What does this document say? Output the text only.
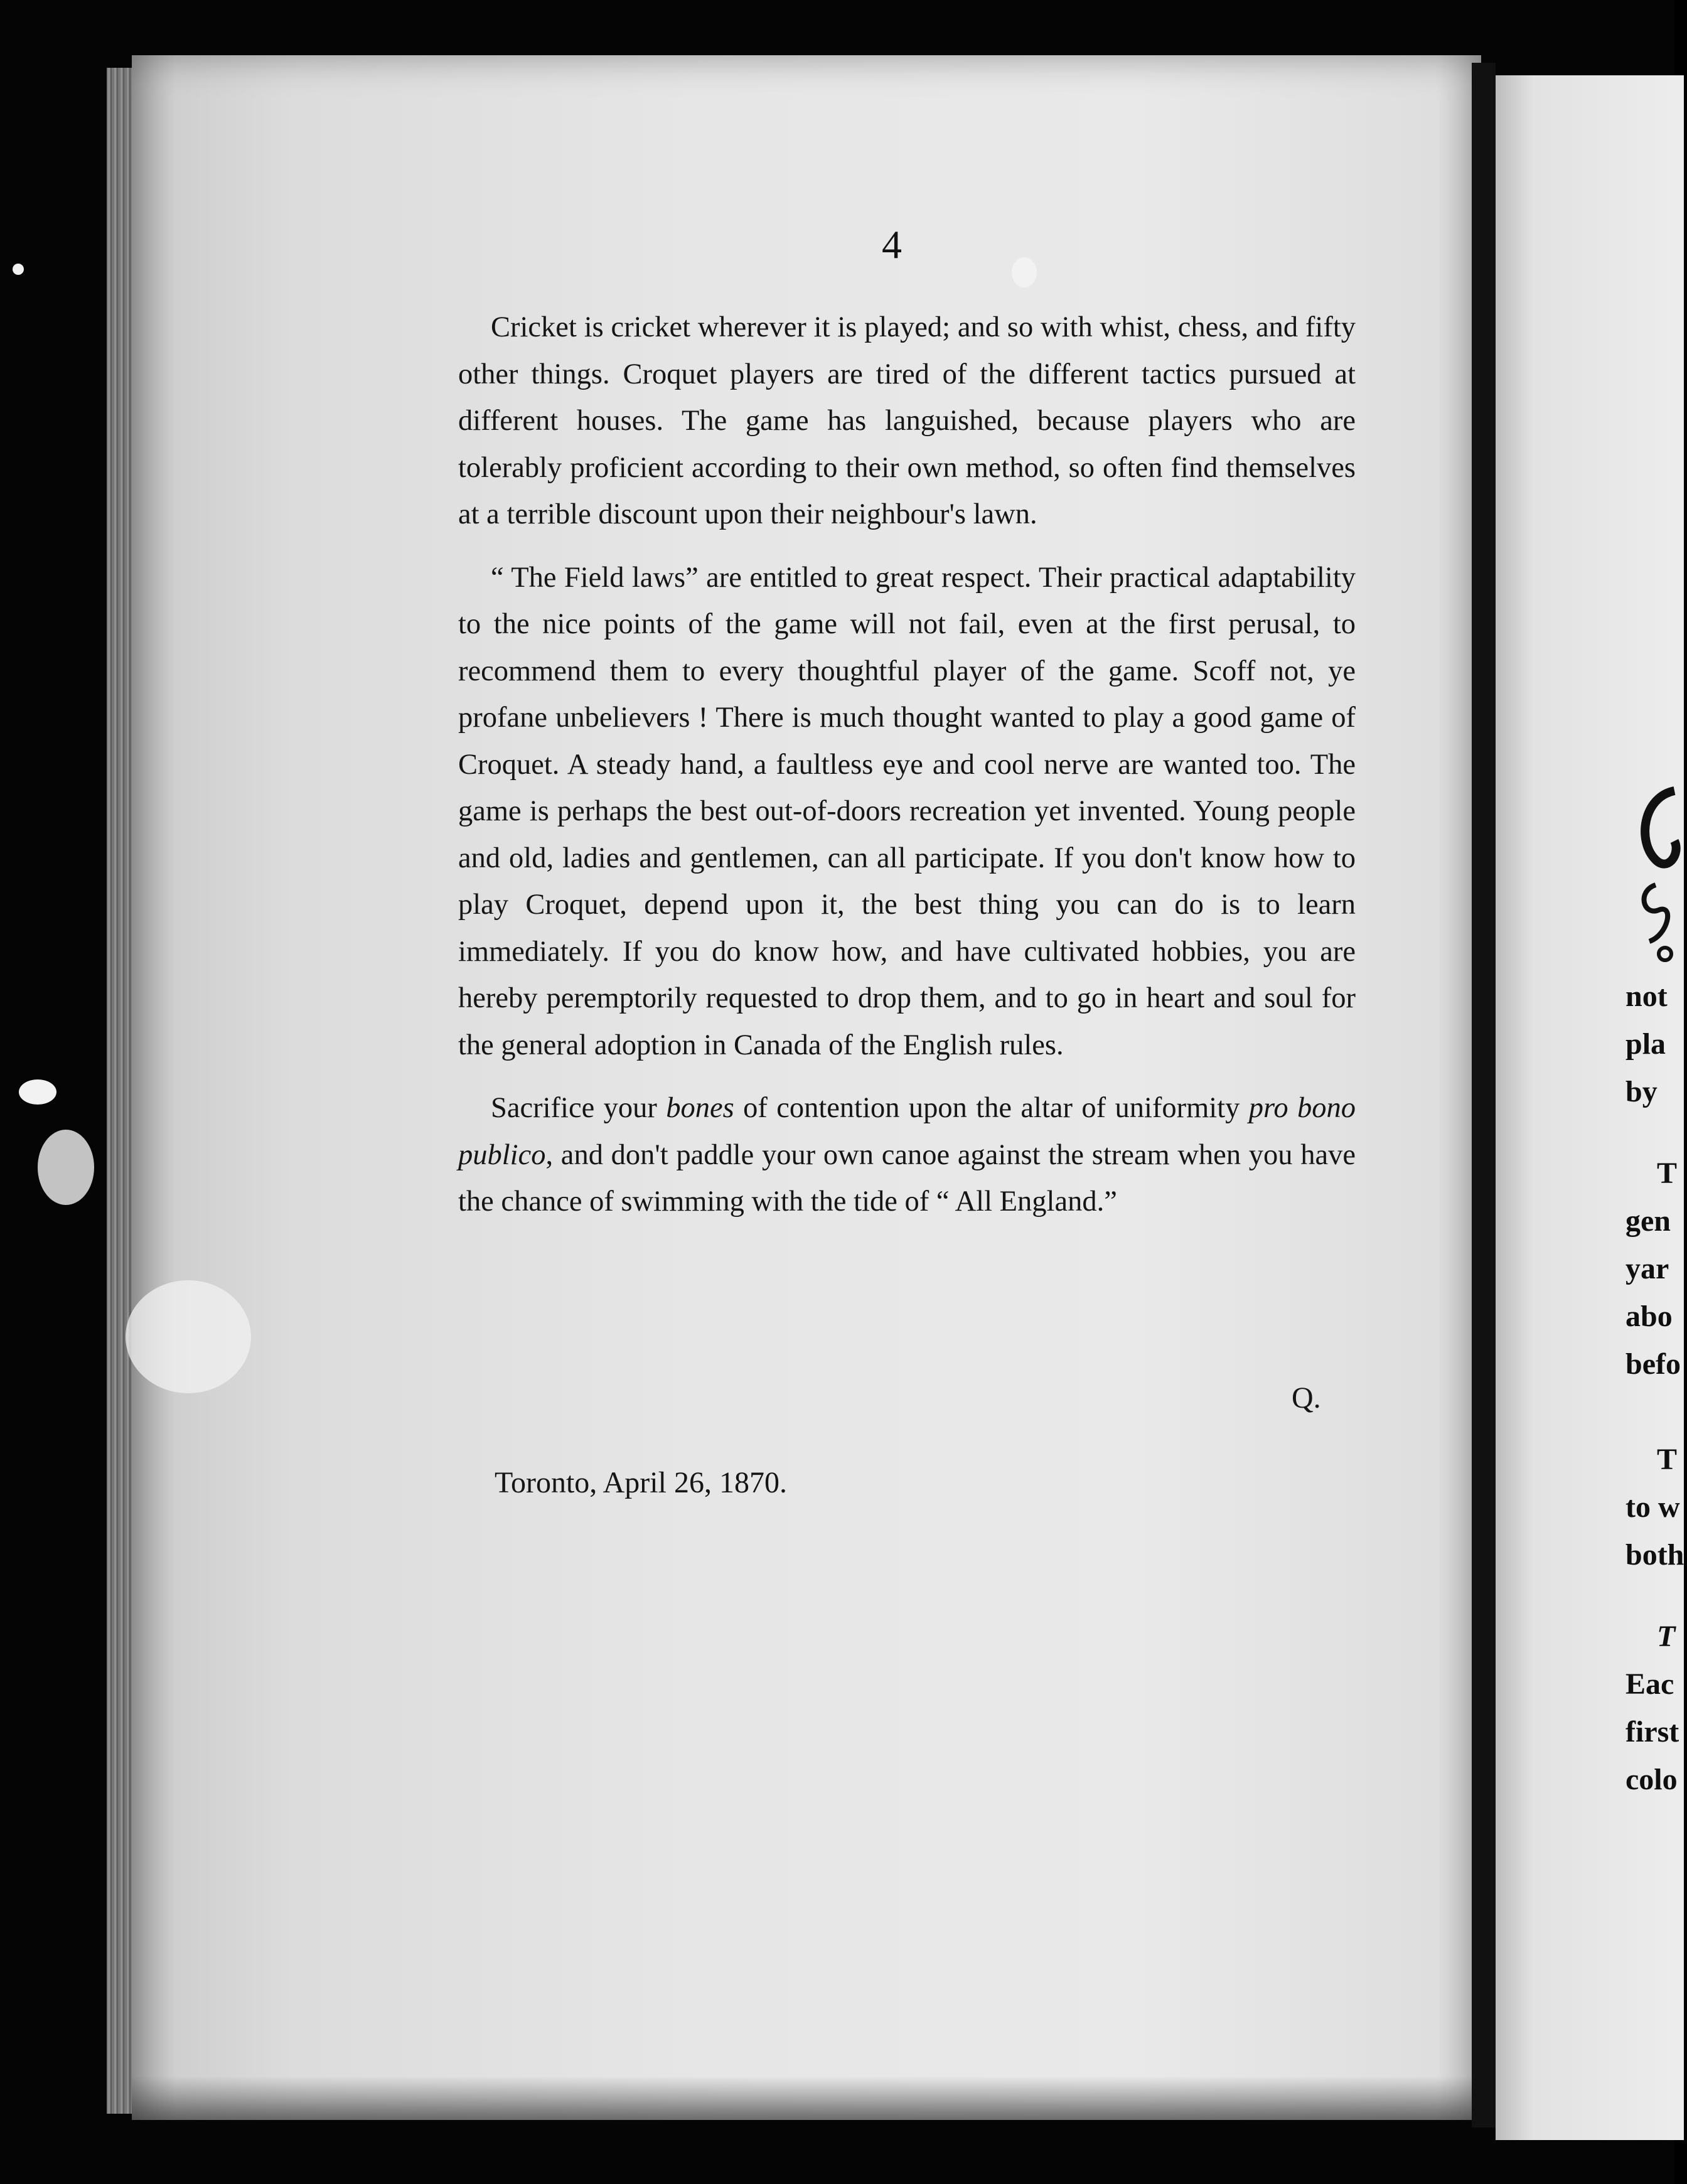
4

Cricket is cricket wherever it is played; and so with whist, chess, and fifty other things. Croquet players are tired of the different tactics pursued at different houses. The game has languished, because players who are tolerably proficient according to their own method, so often find themselves at a terrible discount upon their neighbour's lawn.

“ The Field laws” are entitled to great respect. Their practical adaptability to the nice points of the game will not fail, even at the first perusal, to recommend them to every thoughtful player of the game. Scoff not, ye profane unbelievers ! There is much thought wanted to play a good game of Croquet. A steady hand, a faultless eye and cool nerve are wanted too. The game is perhaps the best out-of-doors recreation yet invented. Young people and old, ladies and gentlemen, can all participate. If you don't know how to play Croquet, depend upon it, the best thing you can do is to learn immediately. If you do know how, and have cultivated hobbies, you are hereby peremptorily requested to drop them, and to go in heart and soul for the general adoption in Canada of the English rules.

Sacrifice your bones of contention upon the altar of uniformity pro bono publico, and don't paddle your own canoe against the stream when you have the chance of swimming with the tide of “ All England.”

Q.
Toronto, April 26, 1870.
not
pla
by
T
gen
yar
abo
befo
T
to w
both
T
Eac
first
colo
